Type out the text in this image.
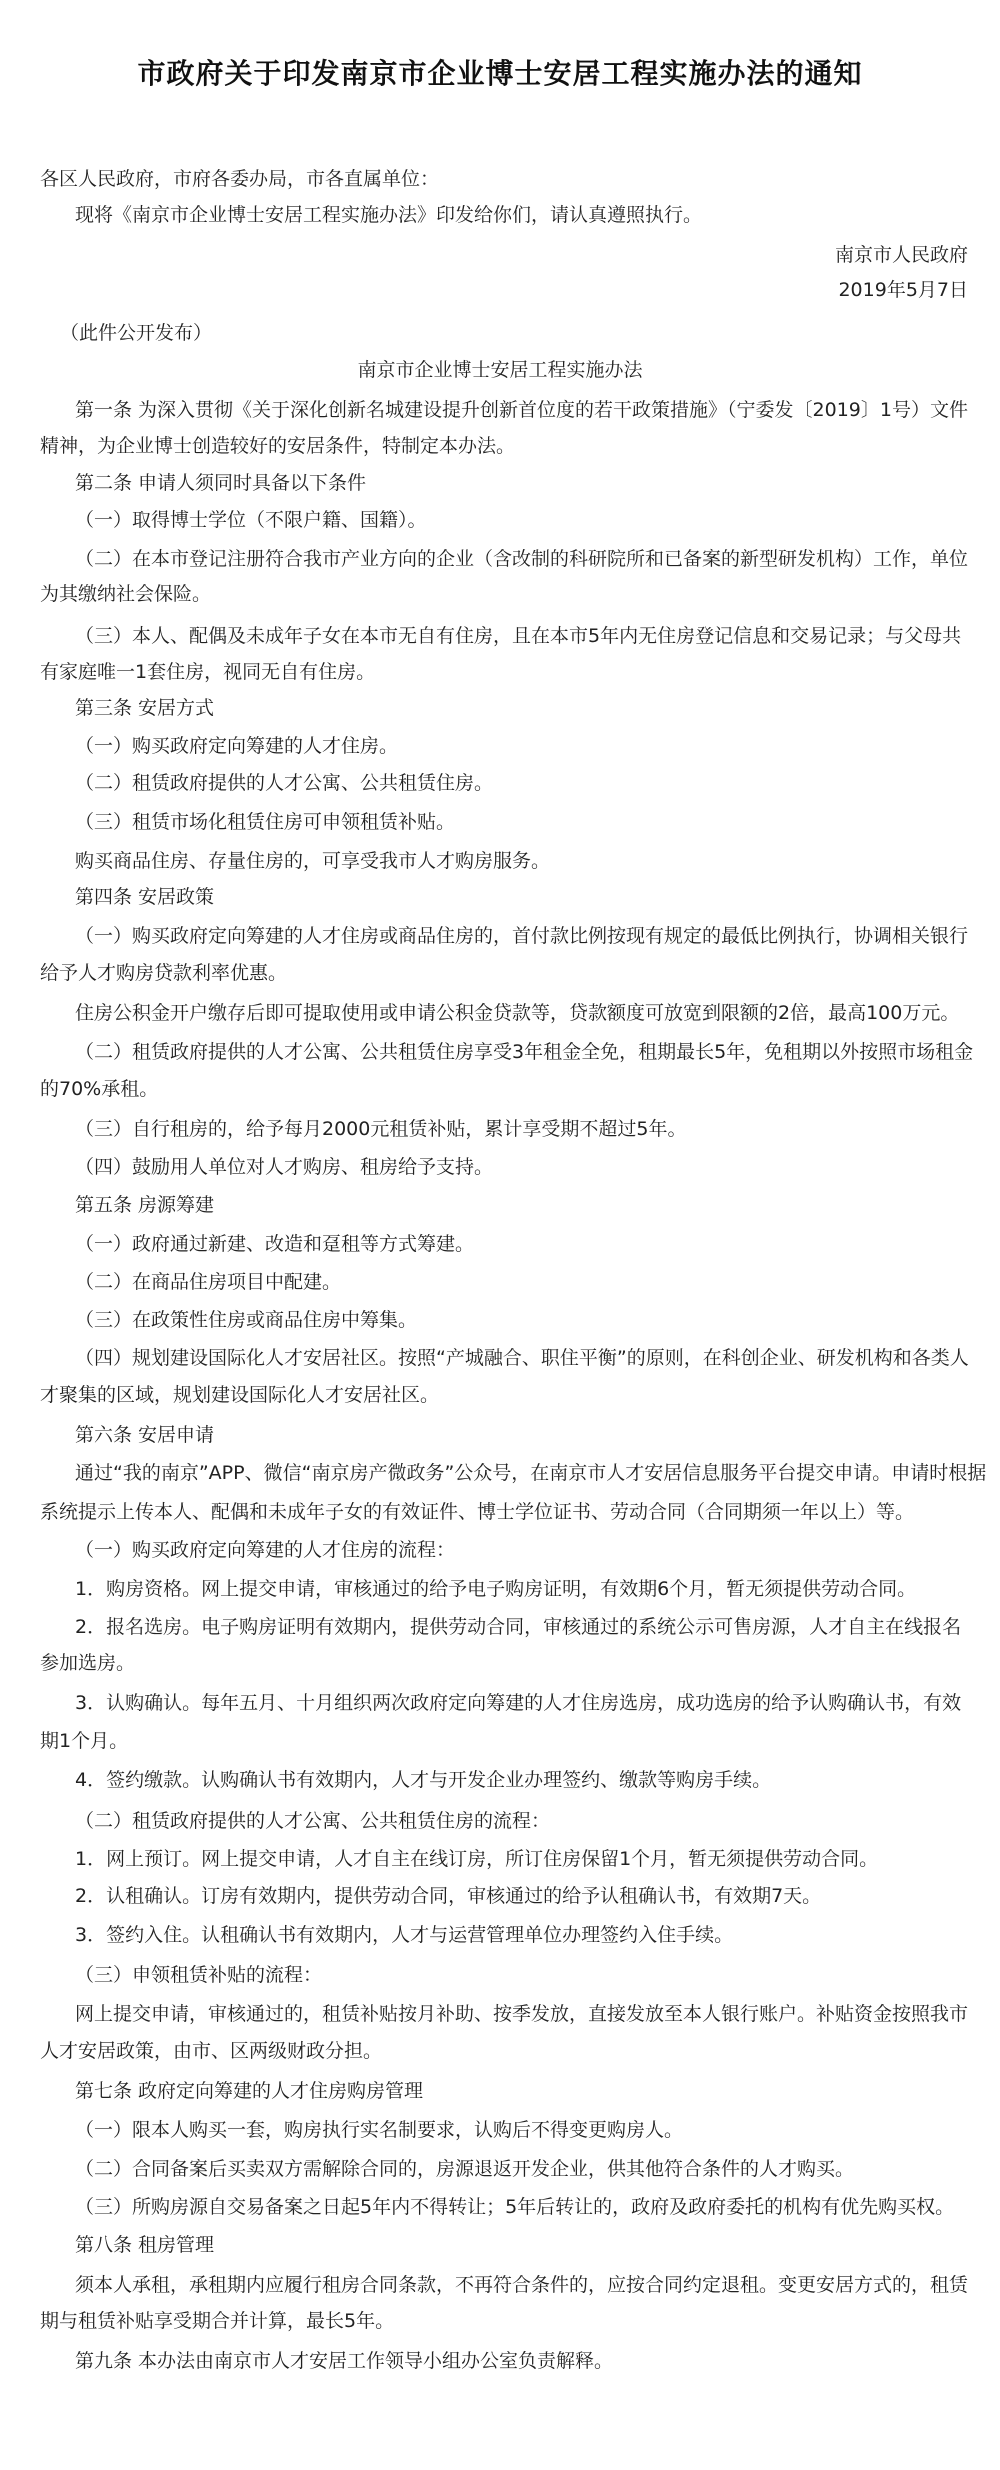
市政府关于印发南京市企业博士安居工程实施办法的通知
各区人民政府，市府各委办局，市各直属单位：
现将《南京市企业博士安居工程实施办法》印发给你们，请认真遵照执行。
南京市人民政府
2019年5月7日
（此件公开发布）
南京市企业博士安居工程实施办法
第一条 为深入贯彻《关于深化创新名城建设提升创新首位度的若干政策措施》（宁委发〔2019〕1号）文件
精神，为企业博士创造较好的安居条件，特制定本办法。
第二条 申请人须同时具备以下条件
（一）取得博士学位（不限户籍、国籍）。
（二）在本市登记注册符合我市产业方向的企业（含改制的科研院所和已备案的新型研发机构）工作，单位
为其缴纳社会保险。
（三）本人、配偶及未成年子女在本市无自有住房，且在本市5年内无住房登记信息和交易记录；与父母共
有家庭唯一1套住房，视同无自有住房。
第三条 安居方式
（一）购买政府定向筹建的人才住房。
（二）租赁政府提供的人才公寓、公共租赁住房。
（三）租赁市场化租赁住房可申领租赁补贴。
购买商品住房、存量住房的，可享受我市人才购房服务。
第四条 安居政策
（一）购买政府定向筹建的人才住房或商品住房的，首付款比例按现有规定的最低比例执行，协调相关银行
给予人才购房贷款利率优惠。
住房公积金开户缴存后即可提取使用或申请公积金贷款等，贷款额度可放宽到限额的2倍，最高100万元。
（二）租赁政府提供的人才公寓、公共租赁住房享受3年租金全免，租期最长5年，免租期以外按照市场租金
的70%承租。
（三）自行租房的，给予每月2000元租赁补贴，累计享受期不超过5年。
（四）鼓励用人单位对人才购房、租房给予支持。
第五条 房源筹建
（一）政府通过新建、改造和趸租等方式筹建。
（二）在商品住房项目中配建。
（三）在政策性住房或商品住房中筹集。
（四）规划建设国际化人才安居社区。按照“产城融合、职住平衡”的原则，在科创企业、研发机构和各类人
才聚集的区域，规划建设国际化人才安居社区。
第六条 安居申请
通过“我的南京”APP、微信“南京房产微政务”公众号，在南京市人才安居信息服务平台提交申请。申请时根据
系统提示上传本人、配偶和未成年子女的有效证件、博士学位证书、劳动合同（合同期须一年以上）等。
（一）购买政府定向筹建的人才住房的流程：
1．购房资格。网上提交申请，审核通过的给予电子购房证明，有效期6个月，暂无须提供劳动合同。
2．报名选房。电子购房证明有效期内，提供劳动合同，审核通过的系统公示可售房源，人才自主在线报名
参加选房。
3．认购确认。每年五月、十月组织两次政府定向筹建的人才住房选房，成功选房的给予认购确认书，有效
期1个月。
4．签约缴款。认购确认书有效期内，人才与开发企业办理签约、缴款等购房手续。
（二）租赁政府提供的人才公寓、公共租赁住房的流程：
1．网上预订。网上提交申请，人才自主在线订房，所订住房保留1个月，暂无须提供劳动合同。
2．认租确认。订房有效期内，提供劳动合同，审核通过的给予认租确认书，有效期7天。
3．签约入住。认租确认书有效期内，人才与运营管理单位办理签约入住手续。
（三）申领租赁补贴的流程：
网上提交申请，审核通过的，租赁补贴按月补助、按季发放，直接发放至本人银行账户。补贴资金按照我市
人才安居政策，由市、区两级财政分担。
第七条 政府定向筹建的人才住房购房管理
（一）限本人购买一套，购房执行实名制要求，认购后不得变更购房人。
（二）合同备案后买卖双方需解除合同的，房源退返开发企业，供其他符合条件的人才购买。
（三）所购房源自交易备案之日起5年内不得转让；5年后转让的，政府及政府委托的机构有优先购买权。
第八条 租房管理
须本人承租，承租期内应履行租房合同条款，不再符合条件的，应按合同约定退租。变更安居方式的，租赁
期与租赁补贴享受期合并计算，最长5年。
第九条 本办法由南京市人才安居工作领导小组办公室负责解释。
